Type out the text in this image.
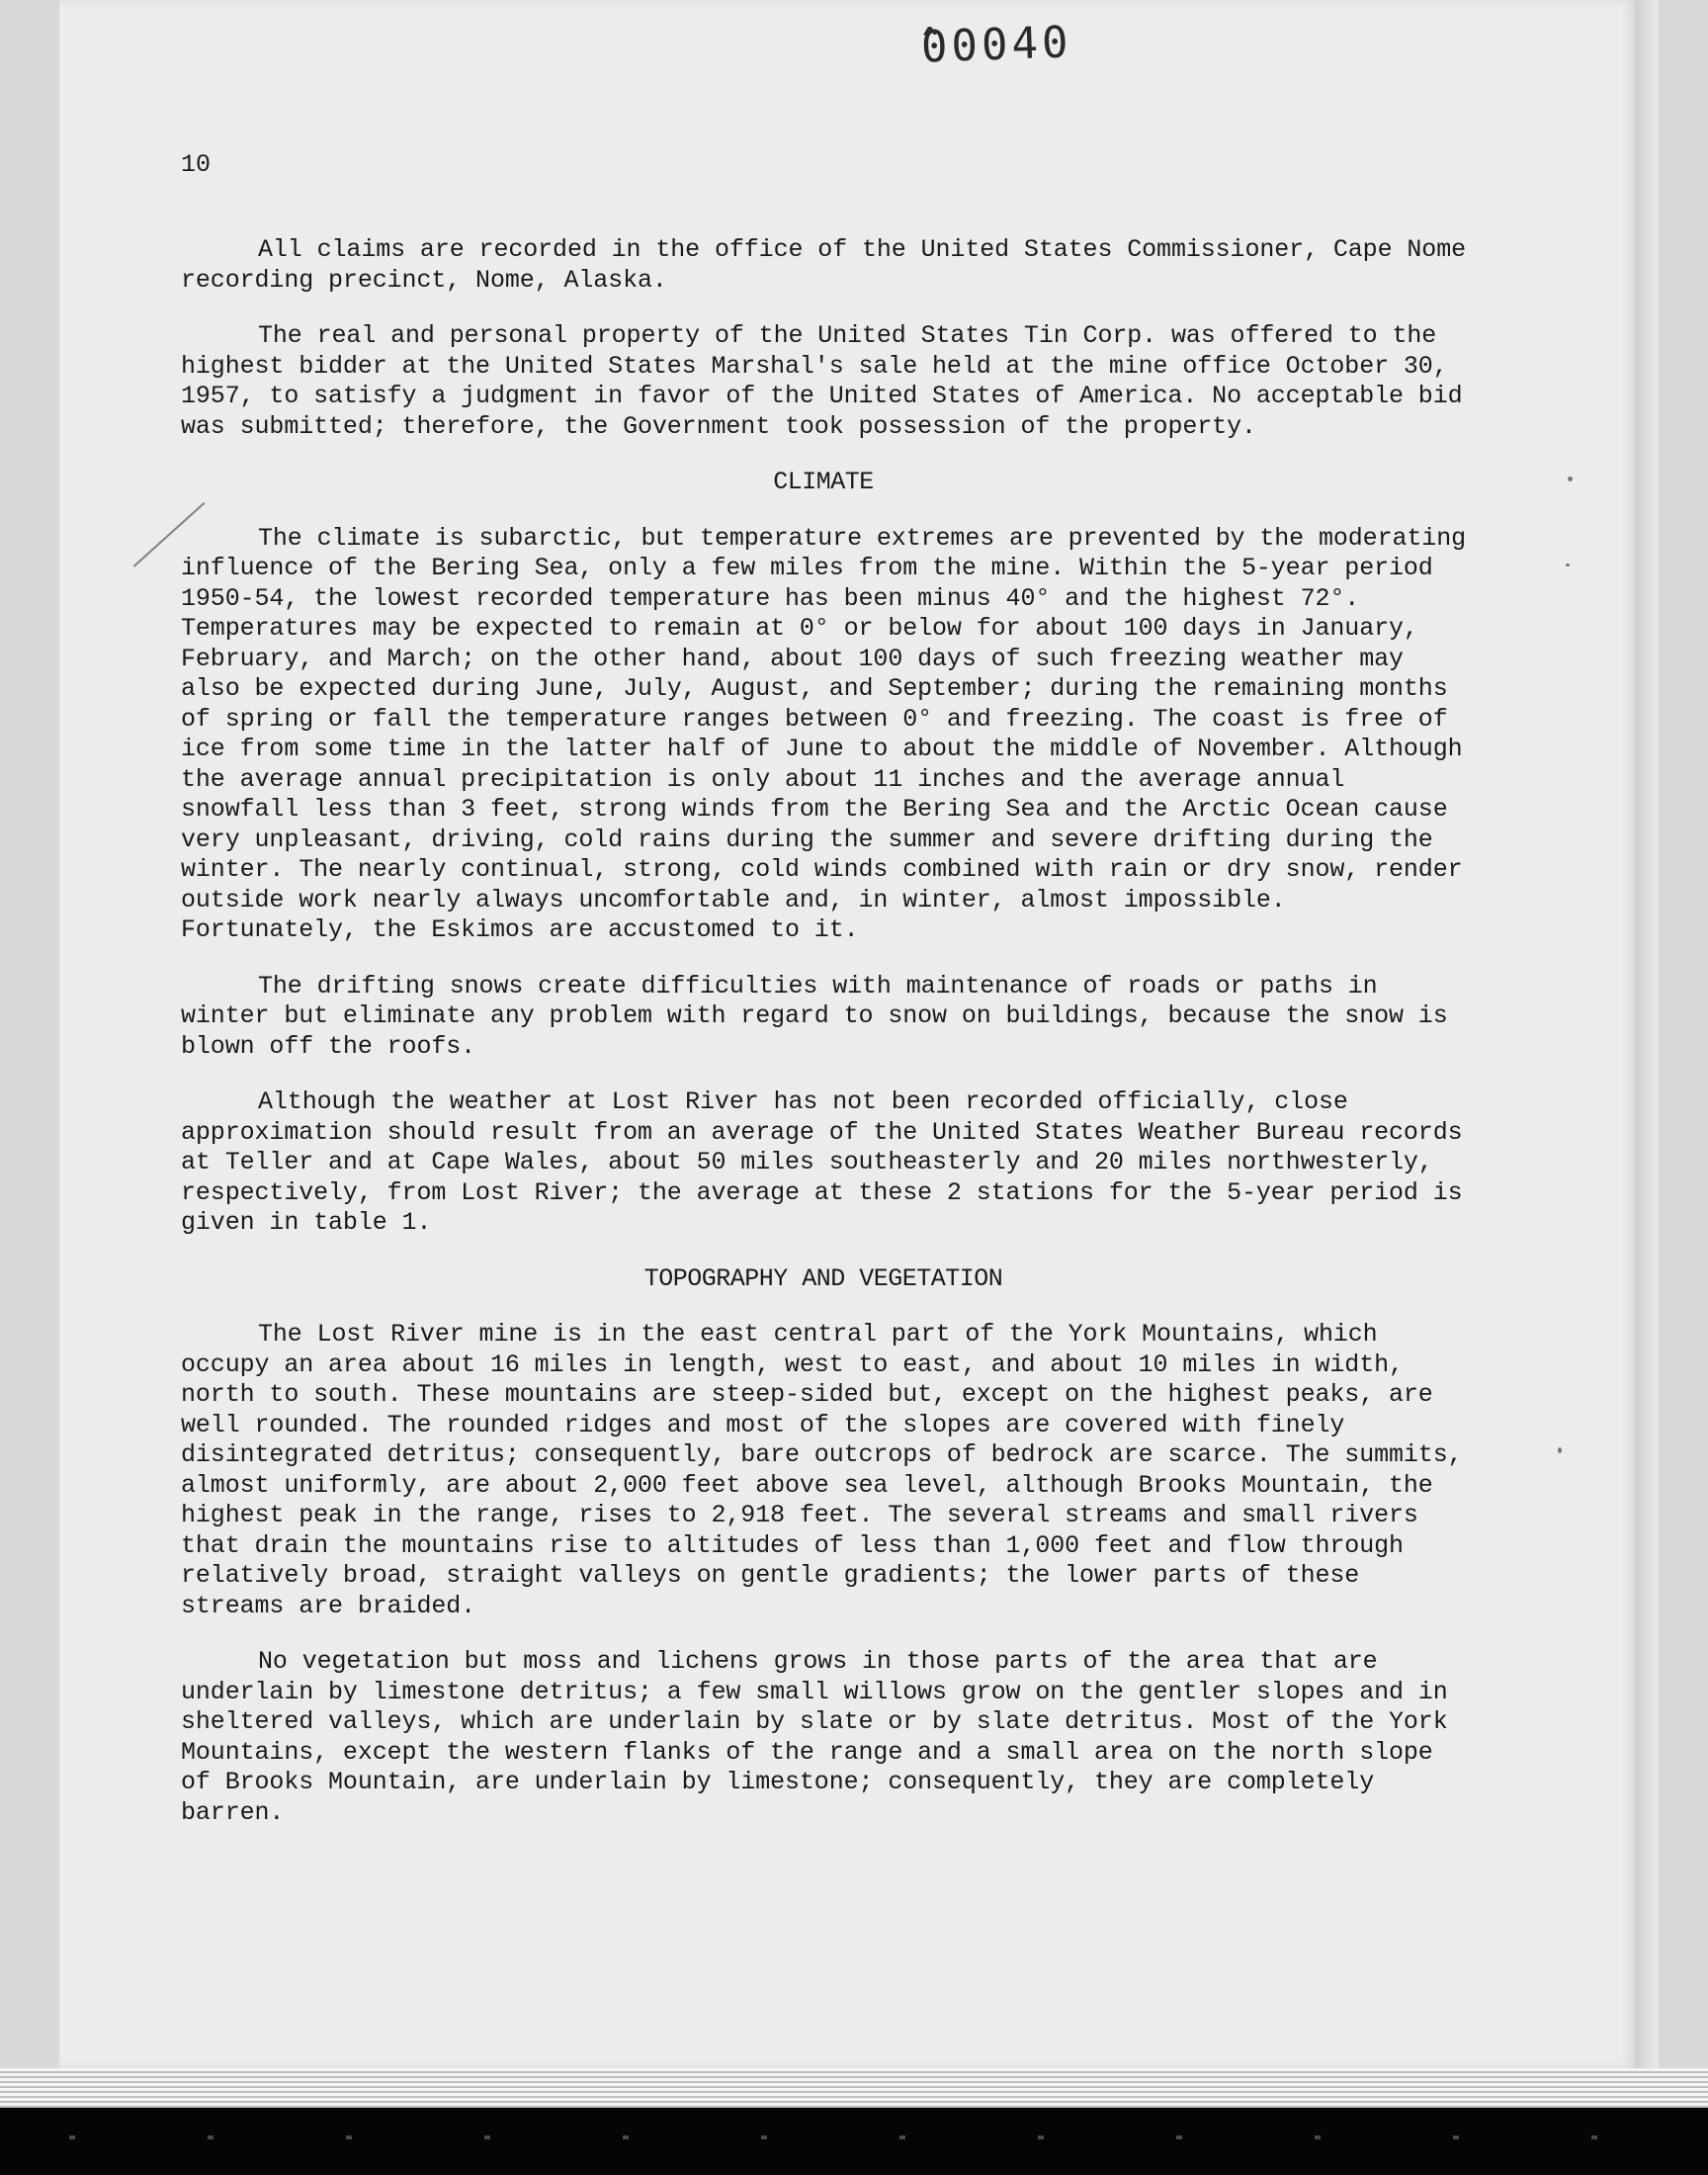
̂00040
10

All claims are recorded in the office of the United States Commissioner, Cape Nome recording precinct, Nome, Alaska.

The real and personal property of the United States Tin Corp. was offered to the highest bidder at the United States Marshal's sale held at the mine office October 30, 1957, to satisfy a judgment in favor of the United States of America. No acceptable bid was submitted; therefore, the Government took possession of the property.

CLIMATE

The climate is subarctic, but temperature extremes are prevented by the moderating influence of the Bering Sea, only a few miles from the mine. Within the 5-year period 1950-54, the lowest recorded temperature has been minus 40° and the highest 72°. Temperatures may be expected to remain at 0° or below for about 100 days in January, February, and March; on the other hand, about 100 days of such freezing weather may also be expected during June, July, August, and September; during the remaining months of spring or fall the temperature ranges between 0° and freezing. The coast is free of ice from some time in the latter half of June to about the middle of November. Although the average annual precipitation is only about 11 inches and the average annual snowfall less than 3 feet, strong winds from the Bering Sea and the Arctic Ocean cause very unpleasant, driving, cold rains during the summer and severe drifting during the winter. The nearly continual, strong, cold winds combined with rain or dry snow, render outside work nearly always uncomfortable and, in winter, almost impossible. Fortunately, the Eskimos are accustomed to it.

The drifting snows create difficulties with maintenance of roads or paths in winter but eliminate any problem with regard to snow on buildings, because the snow is blown off the roofs.

Although the weather at Lost River has not been recorded officially, close approximation should result from an average of the United States Weather Bureau records at Teller and at Cape Wales, about 50 miles southeasterly and 20 miles northwesterly, respectively, from Lost River; the average at these 2 stations for the 5-year period is given in table 1.

TOPOGRAPHY AND VEGETATION

The Lost River mine is in the east central part of the York Mountains, which occupy an area about 16 miles in length, west to east, and about 10 miles in width, north to south. These mountains are steep-sided but, except on the highest peaks, are well rounded. The rounded ridges and most of the slopes are covered with finely disintegrated detritus; consequently, bare outcrops of bedrock are scarce. The summits, almost uniformly, are about 2,000 feet above sea level, although Brooks Mountain, the highest peak in the range, rises to 2,918 feet. The several streams and small rivers that drain the mountains rise to altitudes of less than 1,000 feet and flow through relatively broad, straight valleys on gentle gradients; the lower parts of these streams are braided.

No vegetation but moss and lichens grows in those parts of the area that are underlain by limestone detritus; a few small willows grow on the gentler slopes and in sheltered valleys, which are underlain by slate or by slate detritus. Most of the York Mountains, except the western flanks of the range and a small area on the north slope of Brooks Mountain, are underlain by limestone; consequently, they are completely barren.
